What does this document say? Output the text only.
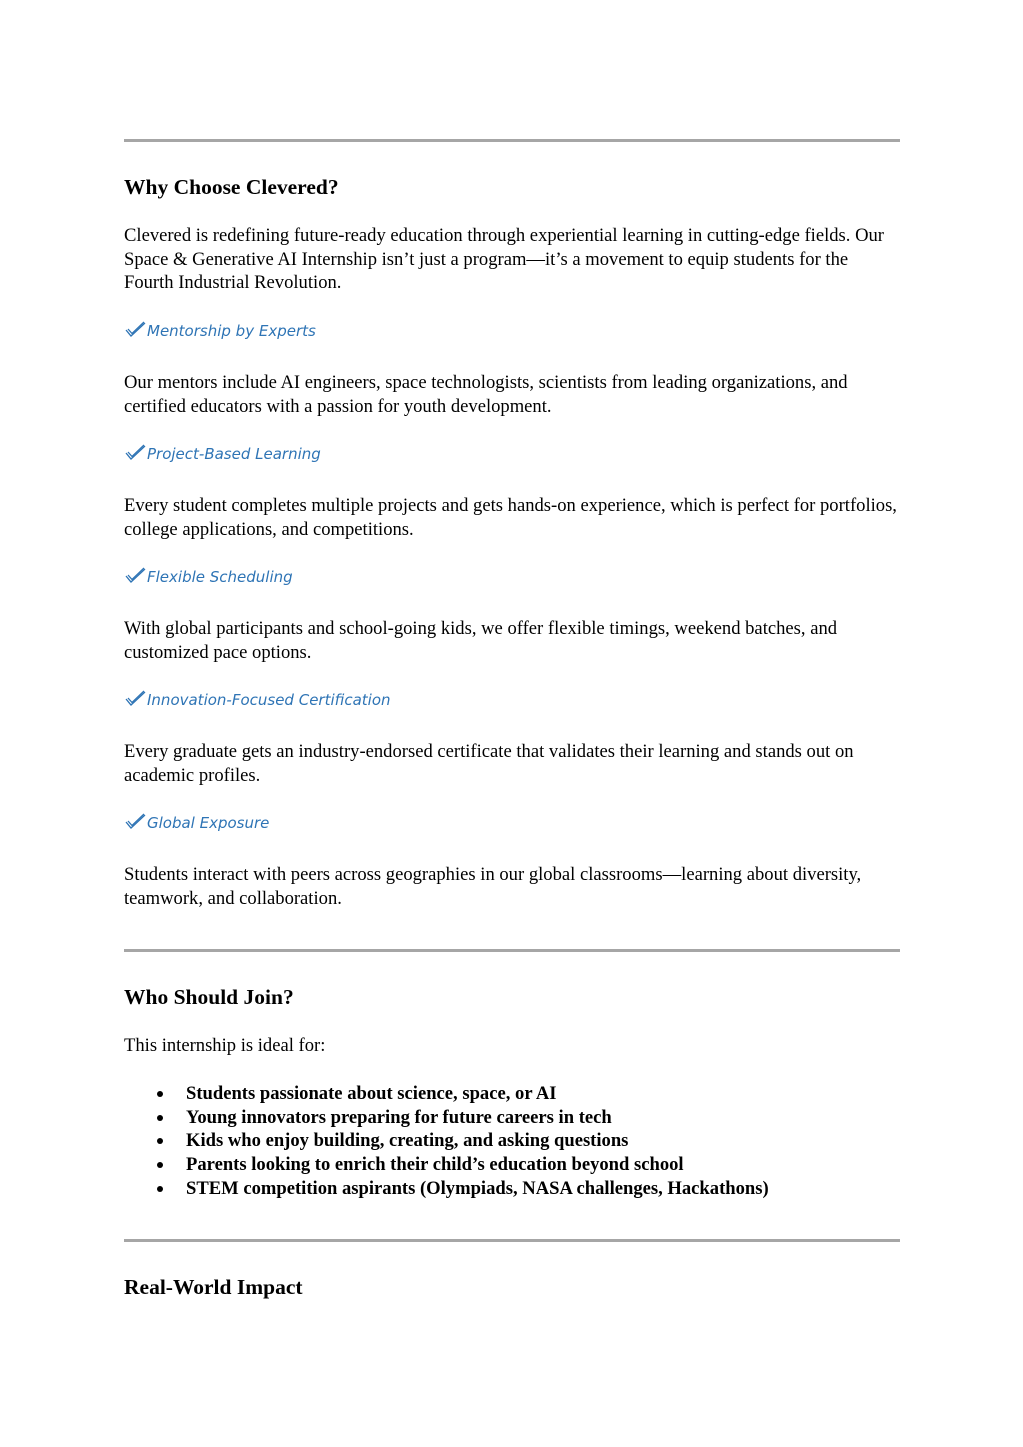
Why Choose Clevered?

Clevered is redefining future-ready education through experiential learning in cutting-edge fields. Our Space & Generative AI Internship isn’t just a program—it’s a movement to equip students for the Fourth Industrial Revolution.

Mentorship by Experts

Our mentors include AI engineers, space technologists, scientists from leading organizations, and certified educators with a passion for youth development.

Project-Based Learning

Every student completes multiple projects and gets hands-on experience, which is perfect for portfolios, college applications, and competitions.

Flexible Scheduling

With global participants and school-going kids, we offer flexible timings, weekend batches, and customized pace options.

Innovation-Focused Certification

Every graduate gets an industry-endorsed certificate that validates their learning and stands out on academic profiles.

Global Exposure

Students interact with peers across geographies in our global classrooms—learning about diversity, teamwork, and collaboration.

Who Should Join?

This internship is ideal for:

Students passionate about science, space, or AI
Young innovators preparing for future careers in tech
Kids who enjoy building, creating, and asking questions
Parents looking to enrich their child’s education beyond school
STEM competition aspirants (Olympiads, NASA challenges, Hackathons)
Real-World Impact
